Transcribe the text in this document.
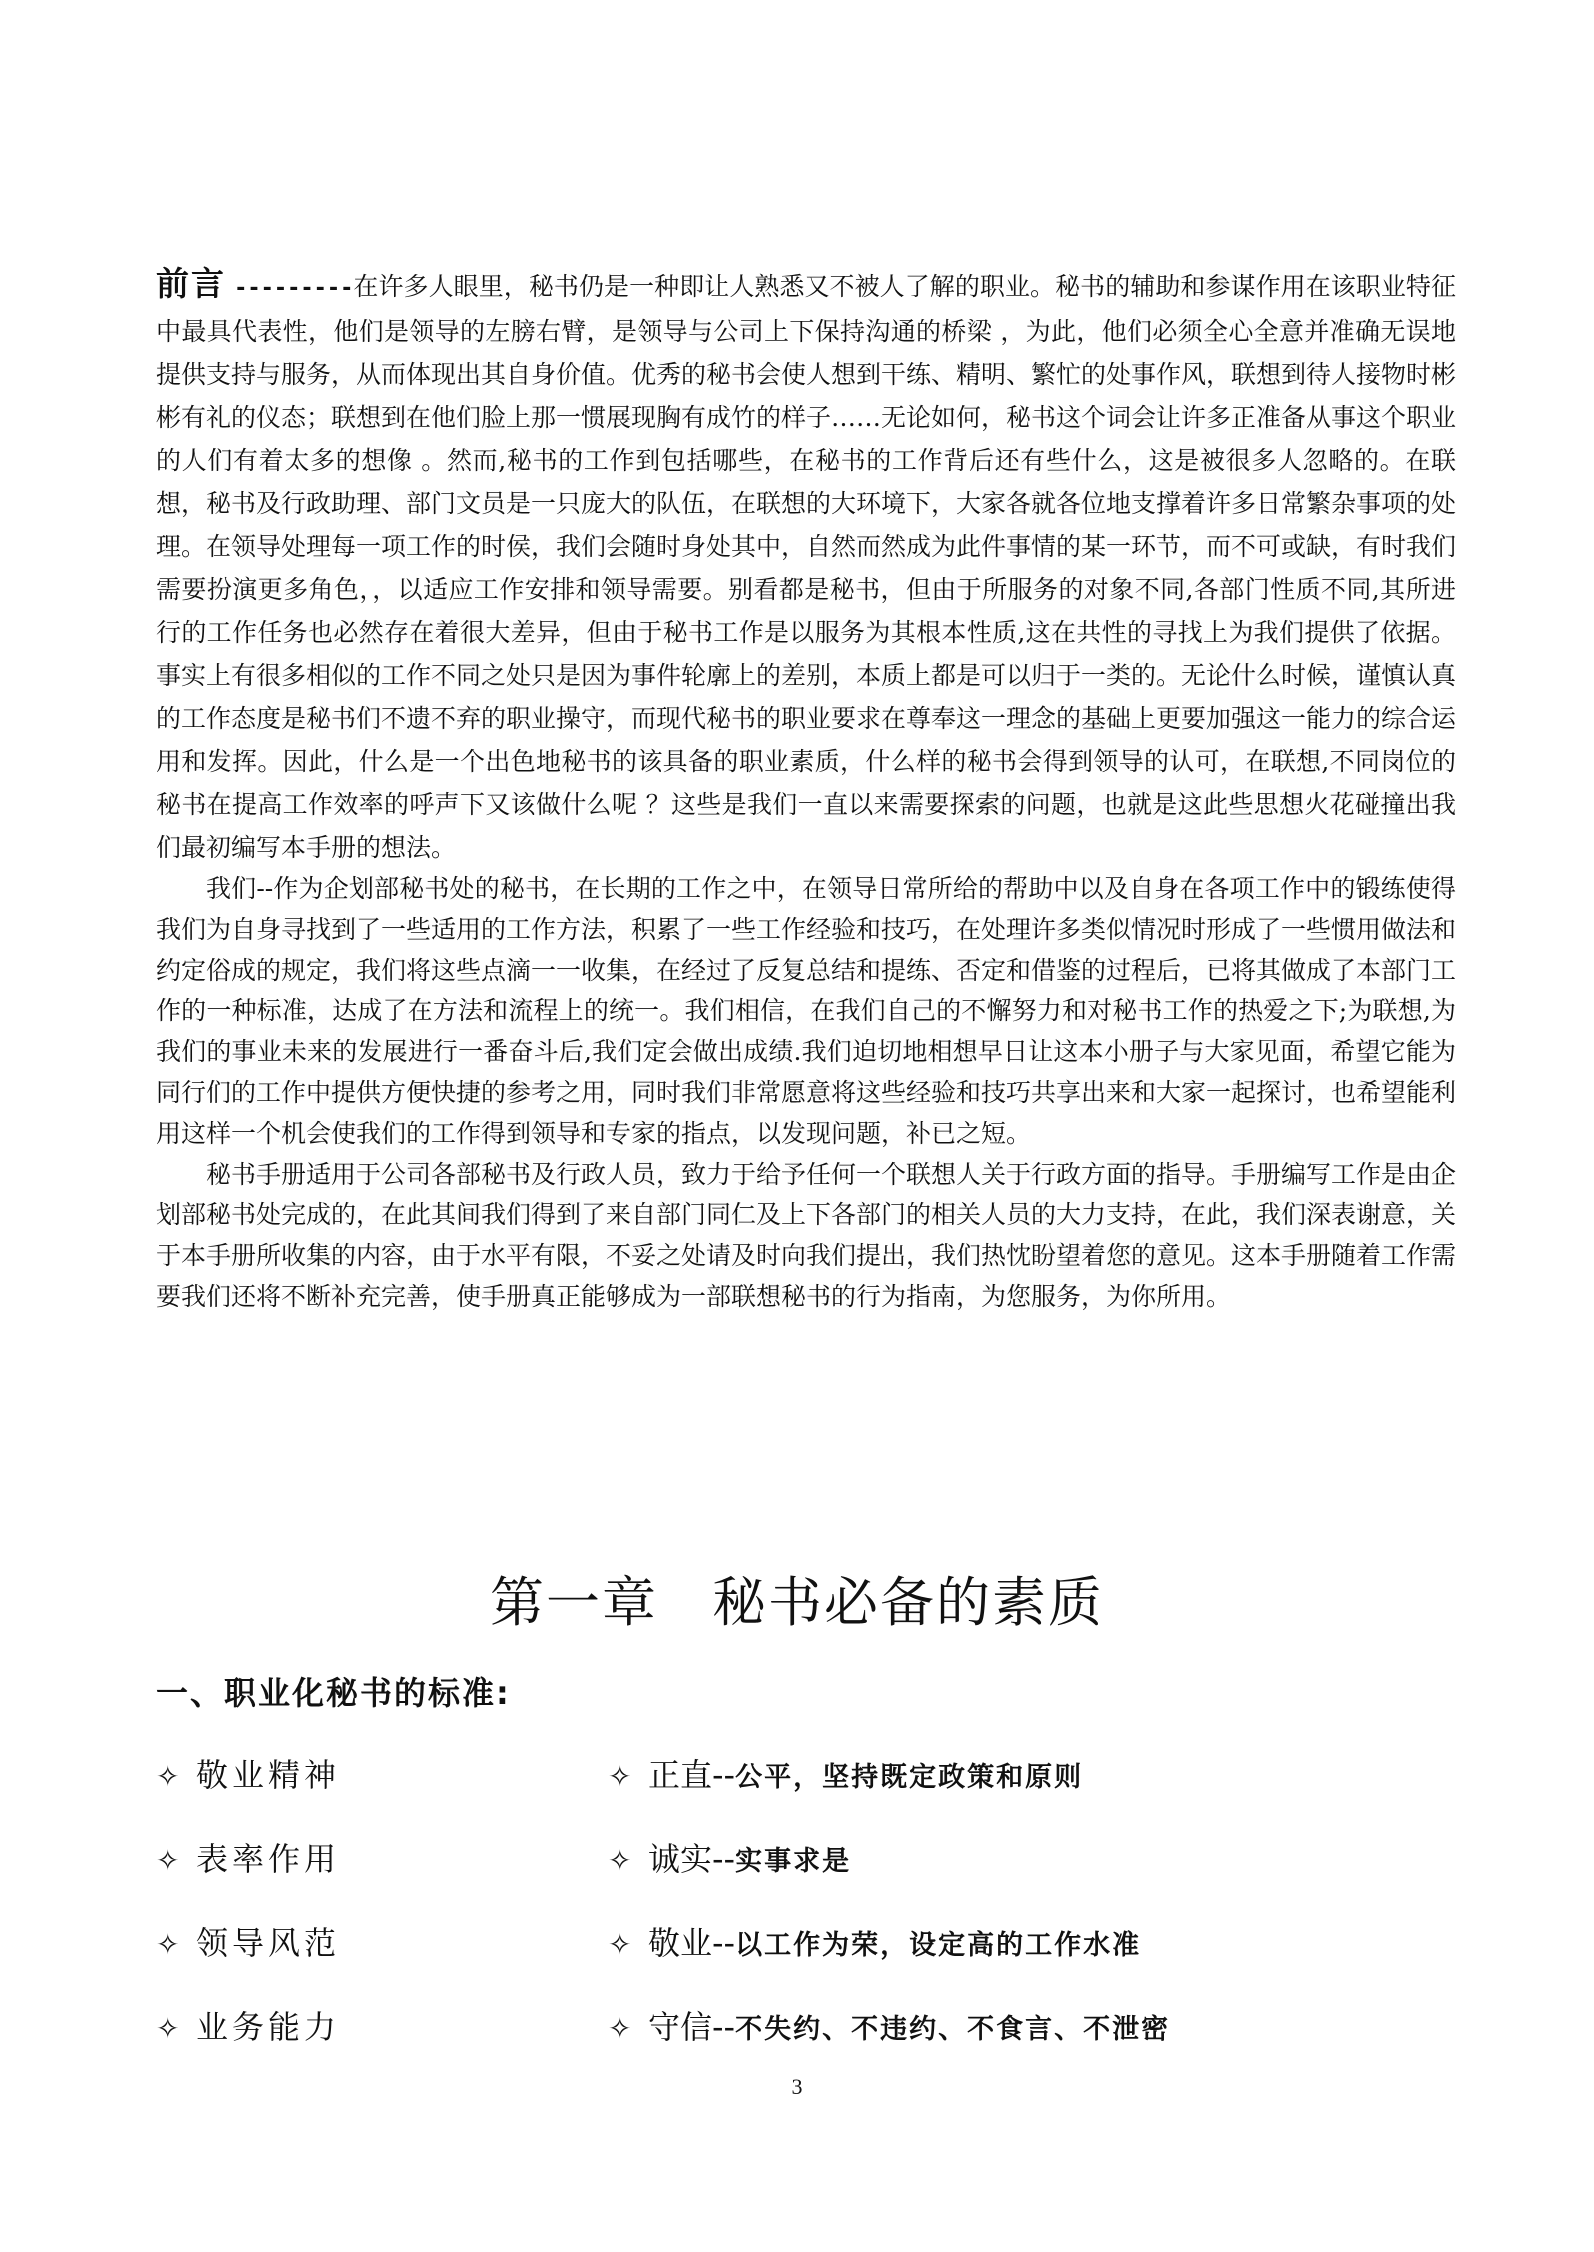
前言 ---------在许多人眼里，秘书仍是一种即让人熟悉又不被人了解的职业。秘书的辅助和参谋作用在该职业特征中最具代表性，他们是领导的左膀右臂，是领导与公司上下保持沟通的桥梁 ，为此，他们必须全心全意并准确无误地提供支持与服务，从而体现出其自身价值。优秀的秘书会使人想到干练、精明、繁忙的处事作风，联想到待人接物时彬彬有礼的仪态；联想到在他们脸上那一惯展现胸有成竹的样子……无论如何，秘书这个词会让许多正准备从事这个职业的人们有着太多的想像 。然而,秘书的工作到包括哪些，在秘书的工作背后还有些什么，这是被很多人忽略的。在联想，秘书及行政助理、部门文员是一只庞大的队伍，在联想的大环境下，大家各就各位地支撑着许多日常繁杂事项的处理。在领导处理每一项工作的时侯，我们会随时身处其中，自然而然成为此件事情的某一环节，而不可或缺，有时我们需要扮演更多角色，，以适应工作安排和领导需要。别看都是秘书，但由于所服务的对象不同,各部门性质不同,其所进行的工作任务也必然存在着很大差异，但由于秘书工作是以服务为其根本性质,这在共性的寻找上为我们提供了依据。事实上有很多相似的工作不同之处只是因为事件轮廓上的差别，本质上都是可以归于一类的。无论什么时候，谨慎认真的工作态度是秘书们不遗不弃的职业操守，而现代秘书的职业要求在尊奉这一理念的基础上更要加强这一能力的综合运用和发挥。因此，什么是一个出色地秘书的该具备的职业素质，什么样的秘书会得到领导的认可，在联想,不同岗位的秘书在提高工作效率的呼声下又该做什么呢 ？这些是我们一直以来需要探索的问题，也就是这此些思想火花碰撞出我们最初编写本手册的想法。

我们--作为企划部秘书处的秘书，在长期的工作之中，在领导日常所给的帮助中以及自身在各项工作中的锻练使得我们为自身寻找到了一些适用的工作方法，积累了一些工作经验和技巧，在处理许多类似情况时形成了一些惯用做法和约定俗成的规定，我们将这些点滴一一收集，在经过了反复总结和提练、否定和借鉴的过程后，已将其做成了本部门工作的一种标准，达成了在方法和流程上的统一。我们相信，在我们自己的不懈努力和对秘书工作的热爱之下;为联想,为我们的事业未来的发展进行一番奋斗后,我们定会做出成绩.我们迫切地相想早日让这本小册子与大家见面，希望它能为同行们的工作中提供方便快捷的参考之用，同时我们非常愿意将这些经验和技巧共享出来和大家一起探讨，也希望能利用这样一个机会使我们的工作得到领导和专家的指点，以发现问题，补已之短。

秘书手册适用于公司各部秘书及行政人员，致力于给予任何一个联想人关于行政方面的指导。手册编写工作是由企划部秘书处完成的，在此其间我们得到了来自部门同仁及上下各部门的相关人员的大力支持，在此，我们深表谢意，关于本手册所收集的内容，由于水平有限，不妥之处请及时向我们提出，我们热忱盼望着您的意见。这本手册随着工作需要我们还将不断补充完善，使手册真正能够成为一部联想秘书的行为指南，为您服务，为你所用。

第一章 秘书必备的素质
一、职业化秘书的标准:
✧ 敬业精神	✧ 正直--公平，坚持既定政策和原则
✧ 表率作用	✧ 诚实--实事求是
✧ 领导风范	✧ 敬业--以工作为荣，设定高的工作水准
✧ 业务能力	✧ 守信--不失约、不违约、不食言、不泄密
3
